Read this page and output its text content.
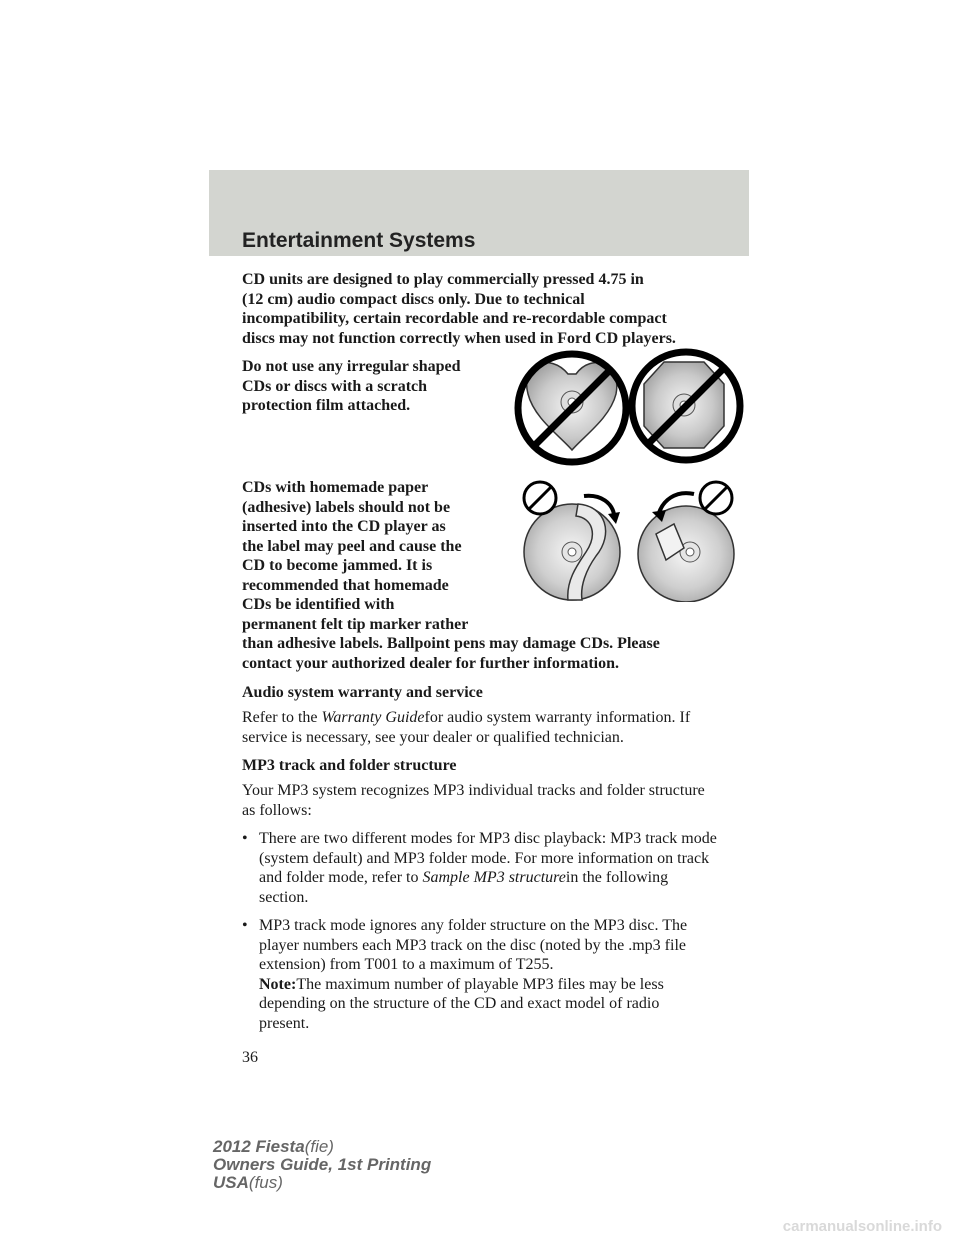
Entertainment Systems

CD units are designed to play commercially pressed 4.75 in

(12 cm) audio compact discs only. Due to technical

incompatibility, certain recordable and re-recordable compact

discs may not function correctly when used in Ford CD players.

Do not use any irregular shaped

CDs or discs with a scratch

protection film attached.

CDs with homemade paper

(adhesive) labels should not be

inserted into the CD player as

the label may peel and cause the

CD to become jammed. It is

recommended that homemade

CDs be identified with

permanent felt tip marker rather

than adhesive labels. Ballpoint pens may damage CDs. Please

contact your authorized dealer for further information.

Audio system warranty and service

Refer to the Warranty Guidefor audio system warranty information. If

service is necessary, see your dealer or qualified technician.

MP3 track and folder structure

Your MP3 system recognizes MP3 individual tracks and folder structure

as follows:

• There are two different modes for MP3 disc playback: MP3 track mode

(system default) and MP3 folder mode. For more information on track

and folder mode, refer to Sample MP3 structurein the following

section.

• MP3 track mode ignores any folder structure on the MP3 disc. The

player numbers each MP3 track on the disc (noted by the .mp3 file

extension) from T001 to a maximum of T255.

Note:The maximum number of playable MP3 files may be less

depending on the structure of the CD and exact model of radio

present.

36
2012 Fiesta(fie)
Owners Guide, 1st Printing
USA(fus)
carmanualsonline.info
